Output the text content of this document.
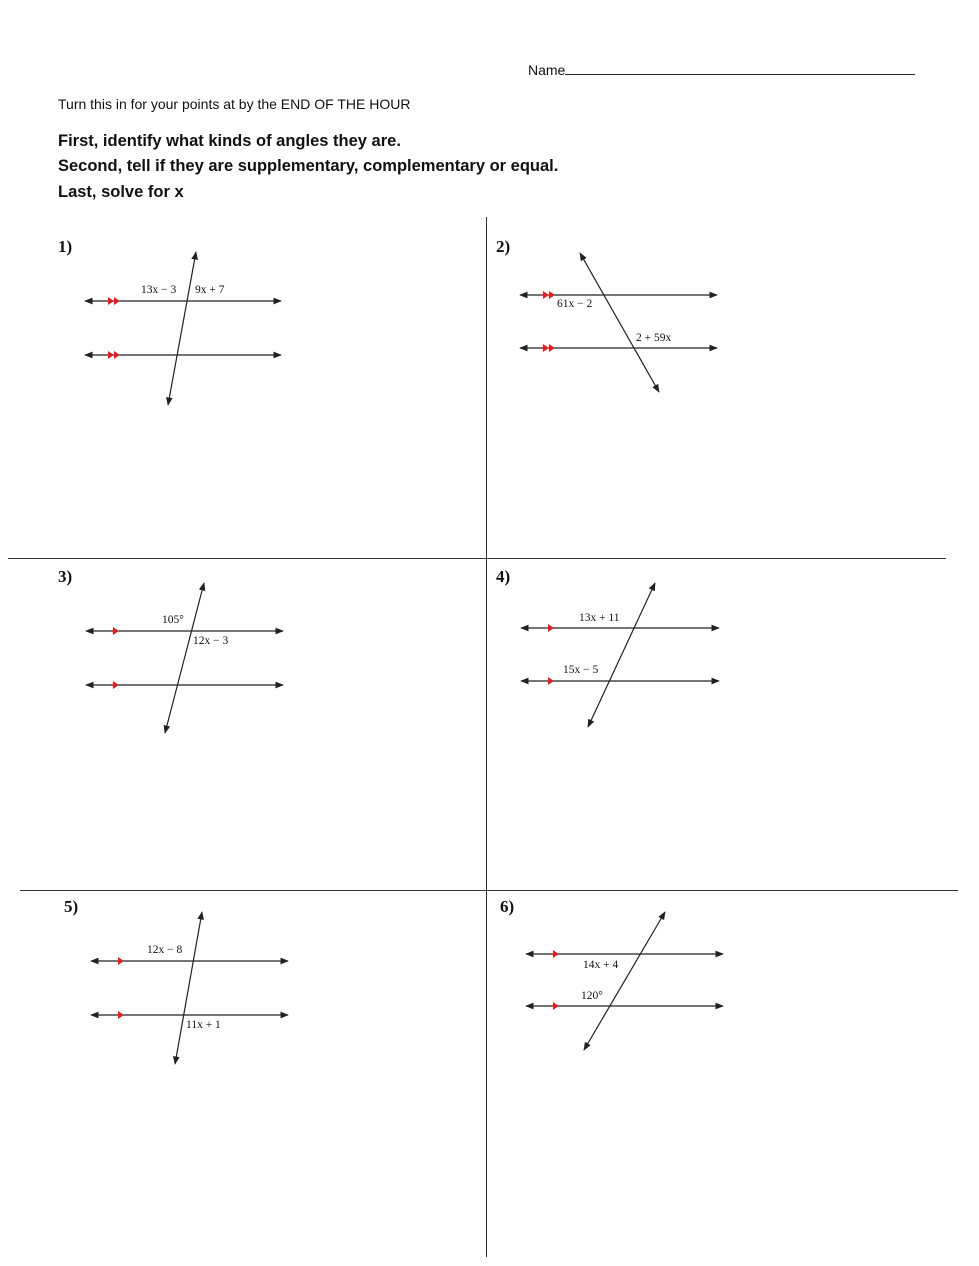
Name
Turn this in for your points at by the END OF THE HOUR
First, identify what kinds of angles they are.
Second, tell if they are supplementary, complementary or equal.
Last, solve for x
1)	2)
3)	4)
5)	6)
13x − 3 9x + 7
61x − 2
2 + 59x
105°
12x − 3
13x + 11
15x − 5
12x − 8
11x + 1
14x + 4
120°
